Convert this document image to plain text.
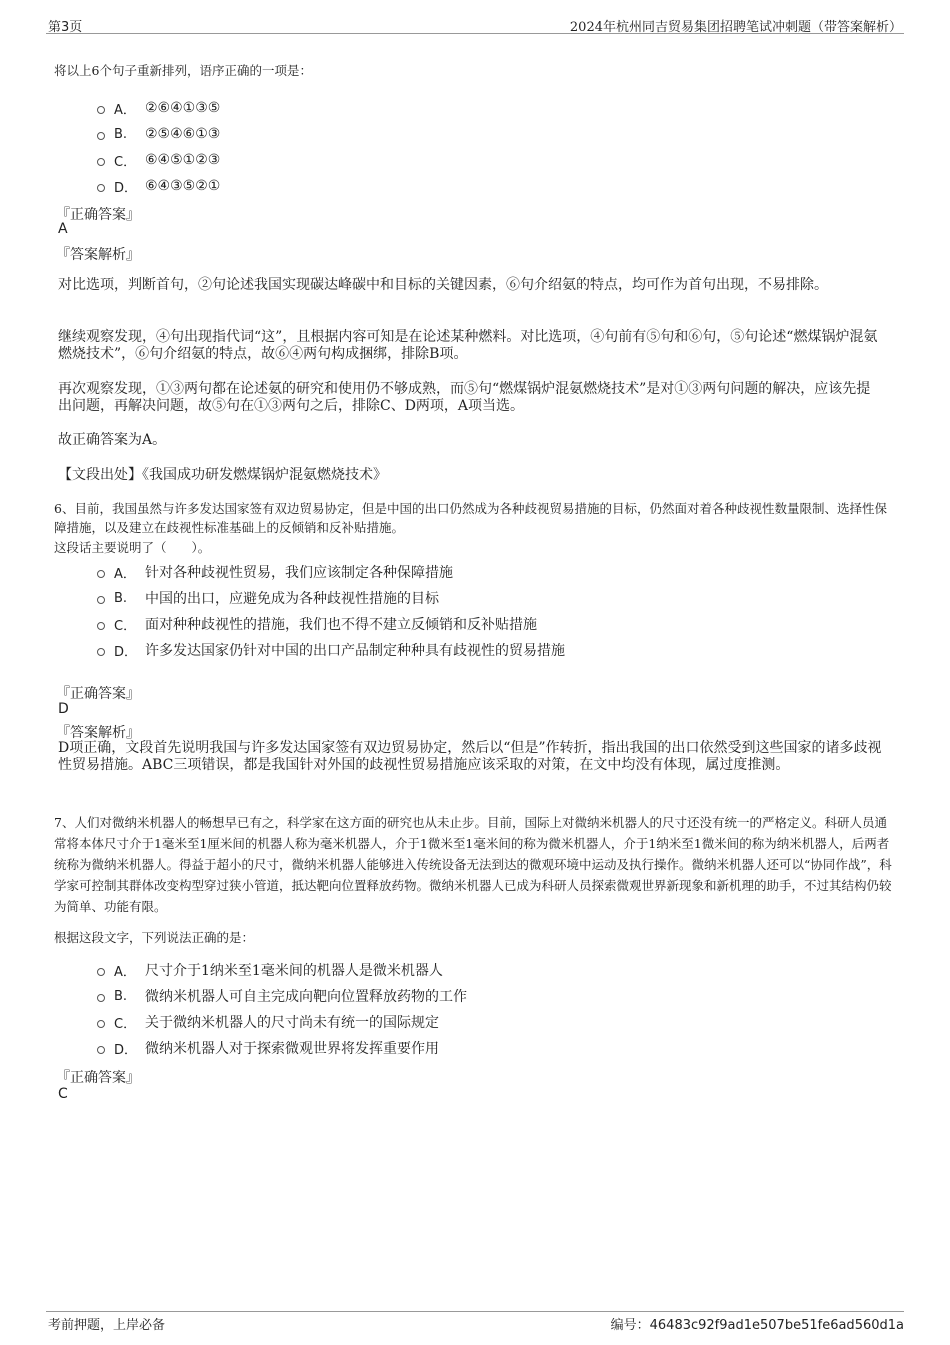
第3页	2024年杭州同吉贸易集团招聘笔试冲刺题（带答案解析）
将以上6个句子重新排列，语序正确的一项是：
A． ②⑥④①③⑤
B.	②⑤④⑥①③
C． ⑥④⑤①②③
D． ⑥④③⑤②①
『正确答案』
A
『答案解析』
对比选项，判断首句，②句论述我国实现碳达峰碳中和目标的关键因素，⑥句介绍氨的特点，均可作为首句出现，不易排除。
继续观察发现，④句出现指代词“这”，且根据内容可知是在论述某种燃料。对比选项，④句前有⑤句和⑥句，⑤句论述“燃煤锅炉混氨燃烧技术”，⑥句介绍氨的特点，故⑥④两句构成捆绑，排除B项。
再次观察发现，①③两句都在论述氨的研究和使用仍不够成熟，而⑤句“燃煤锅炉混氨燃烧技术”是对①③两句问题的解决，应该先提出问题，再解决问题，故⑤句在①③两句之后，排除C、D两项，A项当选。
故正确答案为A。
【文段出处】《我国成功研发燃煤锅炉混氨燃烧技术》
6、目前，我国虽然与许多发达国家签有双边贸易协定，但是中国的出口仍然成为各种歧视贸易措施的目标，仍然面对着各种歧视性数量限制、选择性保障措施，以及建立在歧视性标准基础上的反倾销和反补贴措施。
这段话主要说明了（　　）。
A． 针对各种歧视性贸易，我们应该制定各种保障措施
B.	中国的出口，应避免成为各种歧视性措施的目标
C． 面对种种歧视性的措施，我们也不得不建立反倾销和反补贴措施
D． 许多发达国家仍针对中国的出口产品制定种种具有歧视性的贸易措施
『正确答案』
D
『答案解析』
D项正确，文段首先说明我国与许多发达国家签有双边贸易协定，然后以“但是”作转折，指出我国的出口依然受到这些国家的诸多歧视性贸易措施。ABC三项错误，都是我国针对外国的歧视性贸易措施应该采取的对策，在文中均没有体现，属过度推测。
7、人们对微纳米机器人的畅想早已有之，科学家在这方面的研究也从未止步。目前，国际上对微纳米机器人的尺寸还没有统一的严格定义。科研人员通常将本体尺寸介于1毫米至1厘米间的机器人称为毫米机器人，介于1微米至1毫米间的称为微米机器人，介于1纳米至1微米间的称为纳米机器人，后两者统称为微纳米机器人。得益于超小的尺寸，微纳米机器人能够进入传统设备无法到达的微观环境中运动及执行操作。微纳米机器人还可以“协同作战”，科学家可控制其群体改变构型穿过狭小管道，抵达靶向位置释放药物。微纳米机器人已成为科研人员探索微观世界新现象和新机理的助手，不过其结构仍较为简单、功能有限。
根据这段文字，下列说法正确的是：
A． 尺寸介于1纳米至1毫米间的机器人是微米机器人
B.	微纳米机器人可自主完成向靶向位置释放药物的工作
C． 关于微纳米机器人的尺寸尚未有统一的国际规定
D． 微纳米机器人对于探索微观世界将发挥重要作用
『正确答案』
C
考前押题，上岸必备	编号：46483c92f9ad1e507be51fe6ad560d1a
